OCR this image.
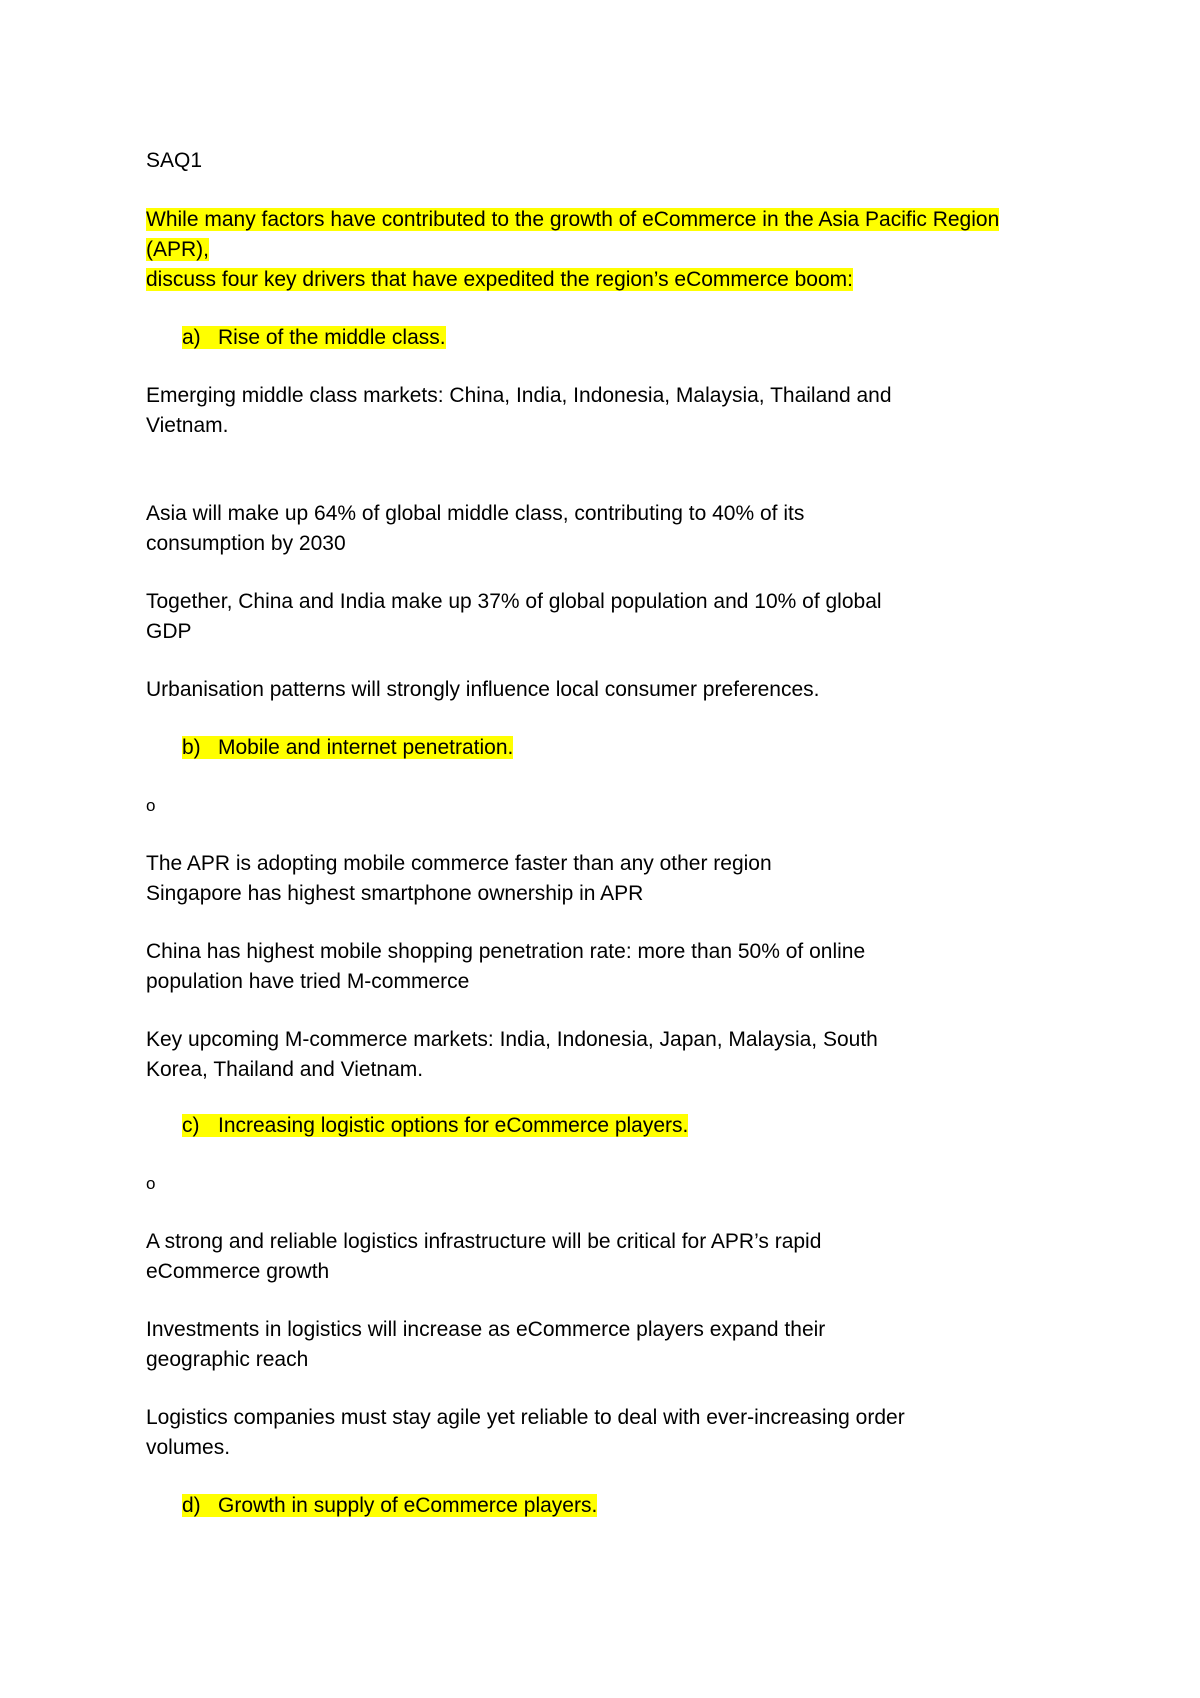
SAQ1

While many factors have contributed to the growth of eCommerce in the Asia Pacific Region
(APR),
discuss four key drivers that have expedited the region’s eCommerce boom:

a) Rise of the middle class.

Emerging middle class markets: China, India, Indonesia, Malaysia, Thailand and
Vietnam.

Asia will make up 64% of global middle class, contributing to 40% of its
consumption by 2030

Together, China and India make up 37% of global population and 10% of global
GDP

Urbanisation patterns will strongly influence local consumer preferences.

b) Mobile and internet penetration.

o

The APR is adopting mobile commerce faster than any other region
Singapore has highest smartphone ownership in APR

China has highest mobile shopping penetration rate: more than 50% of online
population have tried M-commerce

Key upcoming M-commerce markets: India, Indonesia, Japan, Malaysia, South
Korea, Thailand and Vietnam.

c) Increasing logistic options for eCommerce players.

o

A strong and reliable logistics infrastructure will be critical for APR’s rapid
eCommerce growth

Investments in logistics will increase as eCommerce players expand their
geographic reach

Logistics companies must stay agile yet reliable to deal with ever-increasing order
volumes.

d) Growth in supply of eCommerce players.
